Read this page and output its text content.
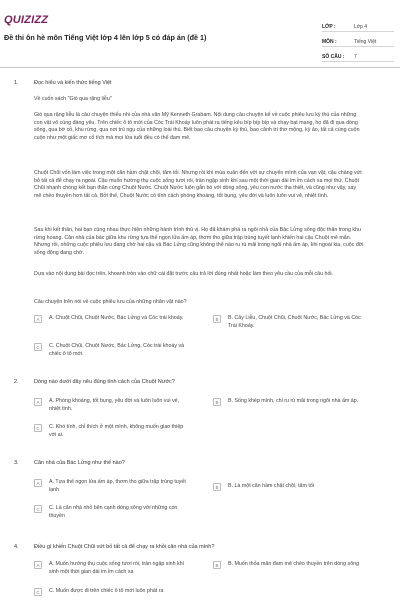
QUIZIZZ
Đề thi ôn hè môn Tiếng Việt lớp 4 lên lớp 5 có đáp án (đề 1)
LỚP :	Lớp 4
MÔN :	Tiếng Việt
SỐ CÂU :	7
1.	Đọc hiểu và kiến thức tiếng Việt
Về cuốn sách "Gió qua rặng liễu"
Gió qua rặng liễu là câu chuyện thiếu nhi của nhà văn Mỹ Kenneth Grabam. Nội dung câu chuyện kể về cuộc phiêu lưu kỳ thú của những con vật vô cùng đáng yêu. Trên chiếc ô tô mới của Cóc Trái Khoáy luôn phát ra tiếng kêu bíp bíp bíp và chạy bạt mạng, họ đã đi qua dòng sông, qua bờ cỏ, khu rừng, qua nơi trú ngụ của những loài thú. Biết bao câu chuyện kỳ thú, bao cảnh trí thơ mộng, kỳ ảo, tất cả cùng cuộn cuộn như một giấc mơ cổ tích mà mọi lứa tuổi đều có thể đam mê.
Chuột Chũi vốn làm việc trong một căn hầm chật chội, tăm tối. Nhưng rồi khi mùa xuân đến với sự chuyển mình của vạn vật, cậu chàng vứt bỏ tất cả để chạy ra ngoài. Cậu muốn hướng thụ cuộc sống tươi rói, tràn ngập sinh khí sau một thời gian dài im ỉm cách xa mọi thứ. Chuột Chũi nhanh chóng kết bạn thân cùng Chuột Nước. Chuột Nước luôn gắn bó với dòng sông, yêu con nước tha thiết, và cũng như vậy, say mê chèo thuyền hơn tất cả. Bởi thế, Chuột Nước có tính cách phóng khoáng, tốt bụng, yêu đời và luôn luôn vui vẻ, nhiệt tình.
Sau khi kết thân, hai bạn cùng nhau thực hiện những hành trình thú vị. Họ đã khám phá ra ngôi nhà của Bác Lửng sống độc thân trong khu rừng hoang. Căn nhà của bác giữa khu rừng tựa thế ngọn lửa ấm áp, thơm tho giữa trập trùng tuyết lạnh khiến hai cậu Chuột mê mẩn. Nhưng rồi, những cuộc phiêu lưu đang chờ hai cậu và Bác Lửng cũng không thể nào ru rú mãi trong ngôi nhà ấm áp, khi ngoài kia, cuộc đời sống động đang chờ.
Dựa vào nội dung bài đọc trên, khoanh tròn vào chữ cái đặt trước câu trả lời đúng nhất hoặc làm theo yêu cầu của mỗi câu hỏi.
Câu chuyện trên nói về cuộc phiêu lưu của những nhân vật nào?
A	A. Chuột Chũi, Chuột Nước, Bác Lửng và Cóc trái khoáy.	B	B. Cây Liễu, Chuột Chũi, Chuột Nước, Bác Lửng và Cóc Trái Khoáy.
C	C. Chuột Chũi, Chuột Nước, Bác Lửng, Cóc trái khoáy và chiếc ô tô mới.
2.	Dòng nào dưới đây nêu đúng tính cách của Chuột Nước?
A	A. Phóng khoáng, tốt bụng, yêu đời và luôn luôn vui vẻ, nhiệt tình.
B	B. Sống khép mình, chỉ ru rú mãi trong ngôi nhà ấm áp.
C	C. Khó tính, chỉ thích ở một mình, không muốn giao thiệp với ai.
3.	Căn nhà của Bác Lửng như thế nào?
A	A. Tựa thế ngọn lửa ấm áp, thơm tho giữa trập trùng tuyết lạnh	B	B. Là một căn hầm chật chội, tăm tối
C	C. Là căn nhà nhỏ bên cạnh dòng sông với những con thuyền
4.	Điều gì khiến Chuột Chũi vứt bỏ tất cả để chạy ra khỏi căn nhà của mình?
A	A. Muốn hướng thụ cuộc sống tươi rói, tràn ngập sinh khí sinh một thời gian dài im ỉm cách xa
B	B. Muốn thỏa mãn đam mê chèo thuyền trên dòng sông
C	C. Muốn được đi trên chiếc ô tô mới luôn phát ra
